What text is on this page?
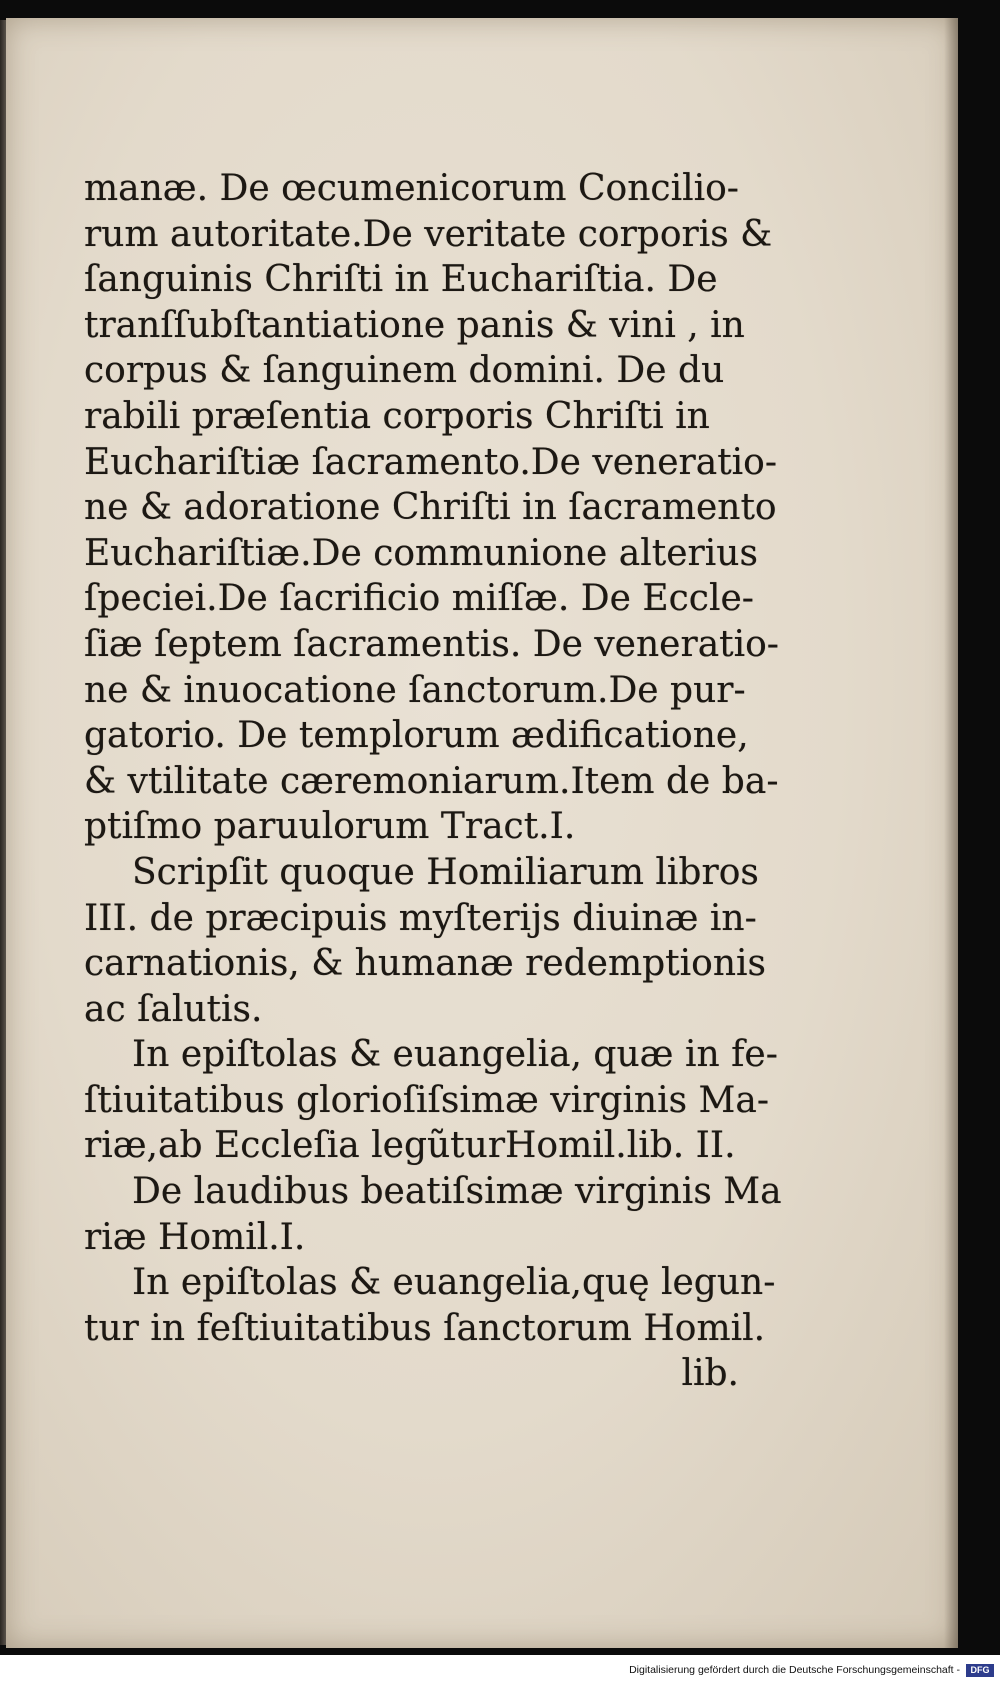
manæ. De œcumenicorum Concilio-
rum autoritate.De veritate corporis &
ſanguinis Chriſti in Euchariſtia. De
tranſſubſtantiatione panis & vini , in
corpus & ſanguinem domini. De du
rabili præſentia corporis Chriſti in
Euchariſtiæ ſacramento.De veneratio-
ne & adoratione Chriſti in ſacramento
Euchariſtiæ.De communione alterius
ſpeciei.De ſacrificio miſſæ. De Eccle-
ſiæ ſeptem ſacramentis. De veneratio-
ne & inuocatione ſanctorum.De pur-
gatorio. De templorum ædificatione,
& vtilitate cæremoniarum.Item de ba-
ptiſmo paruulorum Tract.I.
Scripſit quoque Homiliarum libros
III. de præcipuis myſterijs diuinæ in-
carnationis, & humanæ redemptionis
ac ſalutis.
In epiſtolas & euangelia, quæ in fe-
ſtiuitatibus glorioſiſsimæ virginis Ma-
riæ,ab Eccleſia legũturHomil.lib. II.
De laudibus beatiſsimæ virginis Ma
riæ Homil.I.
In epiſtolas & euangelia,quę legun-
tur in feſtiuitatibus ſanctorum Homil.
lib.
Digitalisierung gefördert durch die Deutsche Forschungsgemeinschaft -	DFG
